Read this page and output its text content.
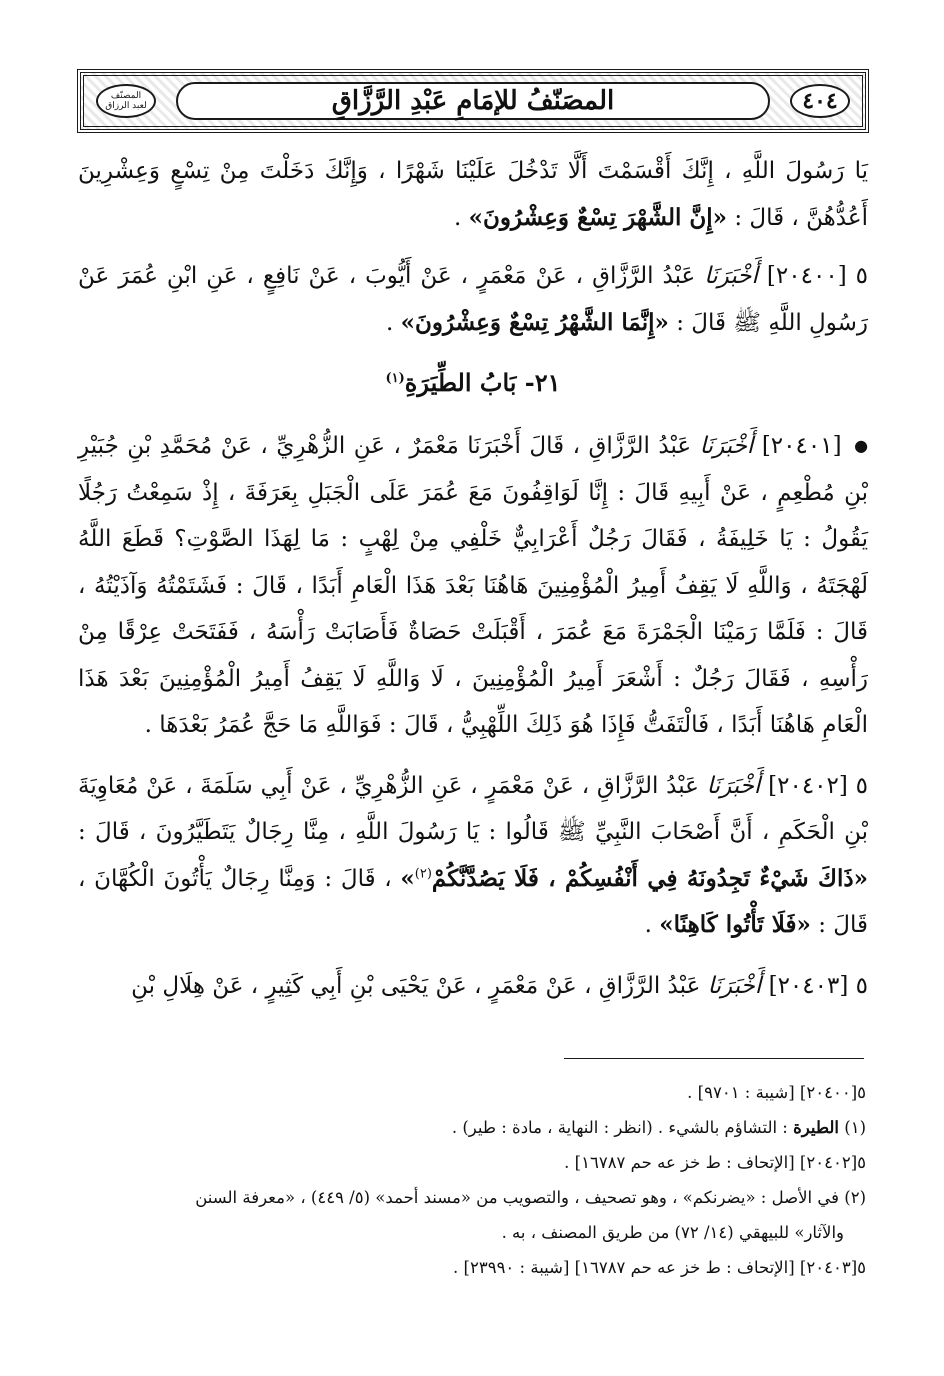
٤٠٤
المصَنّفُ للإمَامِ عَبْدِ الرَّزَّاقِ
المصنّف
لعبد الرزاق

يَا رَسُولَ اللَّهِ ، إِنَّكَ أَقْسَمْتَ أَلَّا تَدْخُلَ عَلَيْنَا شَهْرًا ، وَإِنَّكَ دَخَلْتَ مِنْ تِسْعٍ وَعِشْرِينَ أَعُدُّهُنَّ ، قَالَ : «إِنَّ الشَّهْرَ تِسْعٌ وَعِشْرُونَ» .

٥ [٢٠٤٠٠] أَخْبَرَنَا عَبْدُ الرَّزَّاقِ ، عَنْ مَعْمَرٍ ، عَنْ أَيُّوبَ ، عَنْ نَافِعٍ ، عَنِ ابْنِ عُمَرَ عَنْ رَسُولِ اللَّهِ ﷺ قَالَ : «إِنَّمَا الشَّهْرُ تِسْعٌ وَعِشْرُونَ» .

٢١- بَابُ الطِّيَرَةِ$^{(١)}$

● [٢٠٤٠١] أَخْبَرَنَا عَبْدُ الرَّزَّاقِ ، قَالَ أَخْبَرَنَا مَعْمَرٌ ، عَنِ الزُّهْرِيِّ ، عَنْ مُحَمَّدِ بْنِ جُبَيْرِ بْنِ مُطْعِمٍ ، عَنْ أَبِيهِ قَالَ : إِنَّا لَوَاقِفُونَ مَعَ عُمَرَ عَلَى الْجَبَلِ بِعَرَفَةَ ، إِذْ سَمِعْتُ رَجُلًا يَقُولُ : يَا خَلِيفَةُ ، فَقَالَ رَجُلٌ أَعْرَابِيٌّ خَلْفِي مِنْ لِهْبٍ : مَا لِهَذَا الصَّوْتِ؟ قَطَعَ اللَّهُ لَهْجَتَهُ ، وَاللَّهِ لَا يَقِفُ أَمِيرُ الْمُؤْمِنِينَ هَاهُنَا بَعْدَ هَذَا الْعَامِ أَبَدًا ، قَالَ : فَشَتَمْتُهُ وَآذَيْتُهُ ، قَالَ : فَلَمَّا رَمَيْنَا الْجَمْرَةَ مَعَ عُمَرَ ، أَقْبَلَتْ حَصَاةٌ فَأَصَابَتْ رَأْسَهُ ، فَفَتَحَتْ عِرْقًا مِنْ رَأْسِهِ ، فَقَالَ رَجُلٌ : أَشْعَرَ أَمِيرُ الْمُؤْمِنِينَ ، لَا وَاللَّهِ لَا يَقِفُ أَمِيرُ الْمُؤْمِنِينَ بَعْدَ هَذَا الْعَامِ هَاهُنَا أَبَدًا ، فَالْتَفَتُّ فَإِذَا هُوَ ذَلِكَ اللِّهْبِيُّ ، قَالَ : فَوَاللَّهِ مَا حَجَّ عُمَرُ بَعْدَهَا .

٥ [٢٠٤٠٢] أَخْبَرَنَا عَبْدُ الرَّزَّاقِ ، عَنْ مَعْمَرٍ ، عَنِ الزُّهْرِيِّ ، عَنْ أَبِي سَلَمَةَ ، عَنْ مُعَاوِيَةَ بْنِ الْحَكَمِ ، أَنَّ أَصْحَابَ النَّبِيِّ ﷺ قَالُوا : يَا رَسُولَ اللَّهِ ، مِنَّا رِجَالٌ يَتَطَيَّرُونَ ، قَالَ : «ذَاكَ شَيْءٌ تَجِدُونَهُ فِي أَنْفُسِكُمْ ، فَلَا يَصُدَّنَّكُمْ$^{(٢)}$» ، قَالَ : وَمِنَّا رِجَالٌ يَأْتُونَ الْكُهَّانَ ، قَالَ : «فَلَا تَأْتُوا كَاهِنًا» .

٥ [٢٠٤٠٣] أَخْبَرَنَا عَبْدُ الرَّزَّاقِ ، عَنْ مَعْمَرٍ ، عَنْ يَحْيَى بْنِ أَبِي كَثِيرٍ ، عَنْ هِلَالِ بْنِ

٥[٢٠٤٠٠] [شيبة : ٩٧٠١] .

(١) الطيرة : التشاؤم بالشيء . (انظر : النهاية ، مادة : طير) .

٥[٢٠٤٠٢] [الإتحاف : ط خز عه حم ١٦٧٨٧] .

(٢) في الأصل : «يضرنكم» ، وهو تصحيف ، والتصويب من «مسند أحمد» (٥/ ٤٤٩) ، «معرفة السنن

والآثار» للبيهقي (١٤/ ٧٢) من طريق المصنف ، به .

٥[٢٠٤٠٣] [الإتحاف : ط خز عه حم ١٦٧٨٧] [شيبة : ٢٣٩٩٠] .
